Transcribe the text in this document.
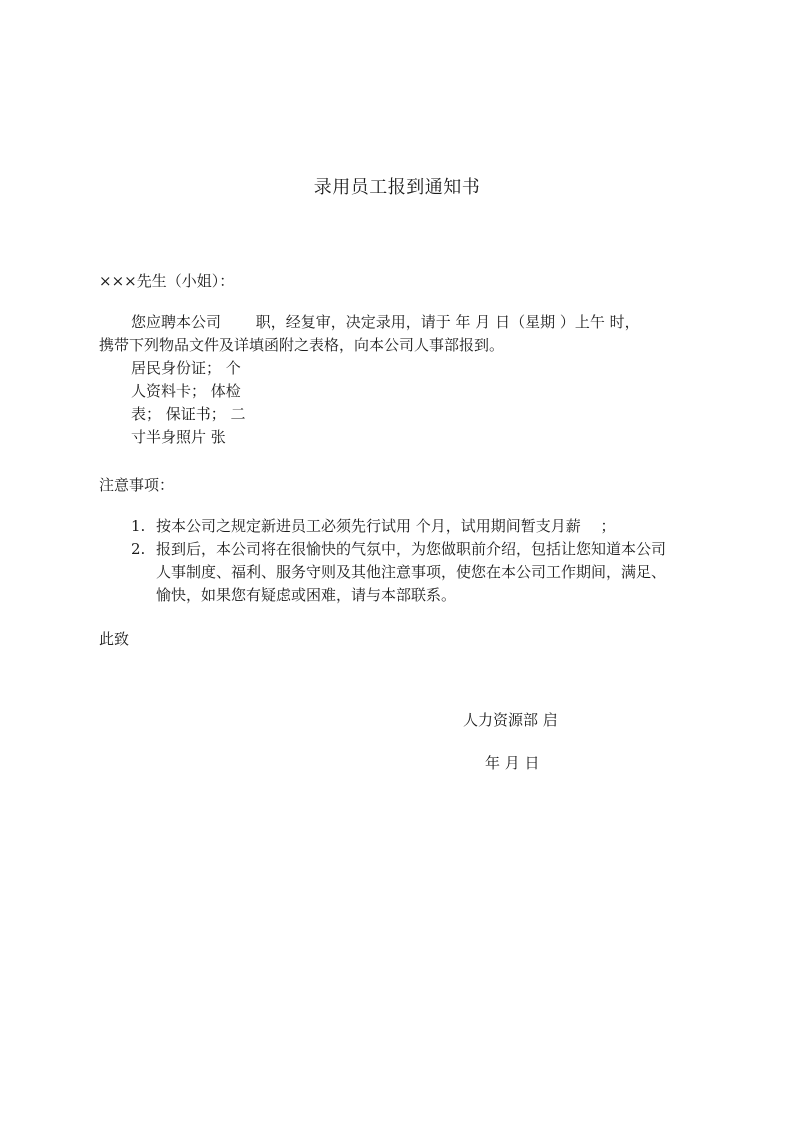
录用员工报到通知书
×××先生（小姐）：
您应聘本公司　　 职，经复审，决定录用，请于 年 月 日（星期 ）上午 时，
携带下列物品文件及详填函附之表格，向本公司人事部报到。
居民身份证； 个
人资料卡； 体检
表； 保证书； 二
寸半身照片 张
注意事项：
1. 按本公司之规定新进员工必须先行试用 个月，试用期间暂支月薪　 ；
2. 报到后，本公司将在很愉快的气氛中，为您做职前介绍，包括让您知道本公司
人事制度、福利、服务守则及其他注意事项，使您在本公司工作期间，满足、
愉快，如果您有疑虑或困难，请与本部联系。
此致
人力资源部 启
年 月 日
